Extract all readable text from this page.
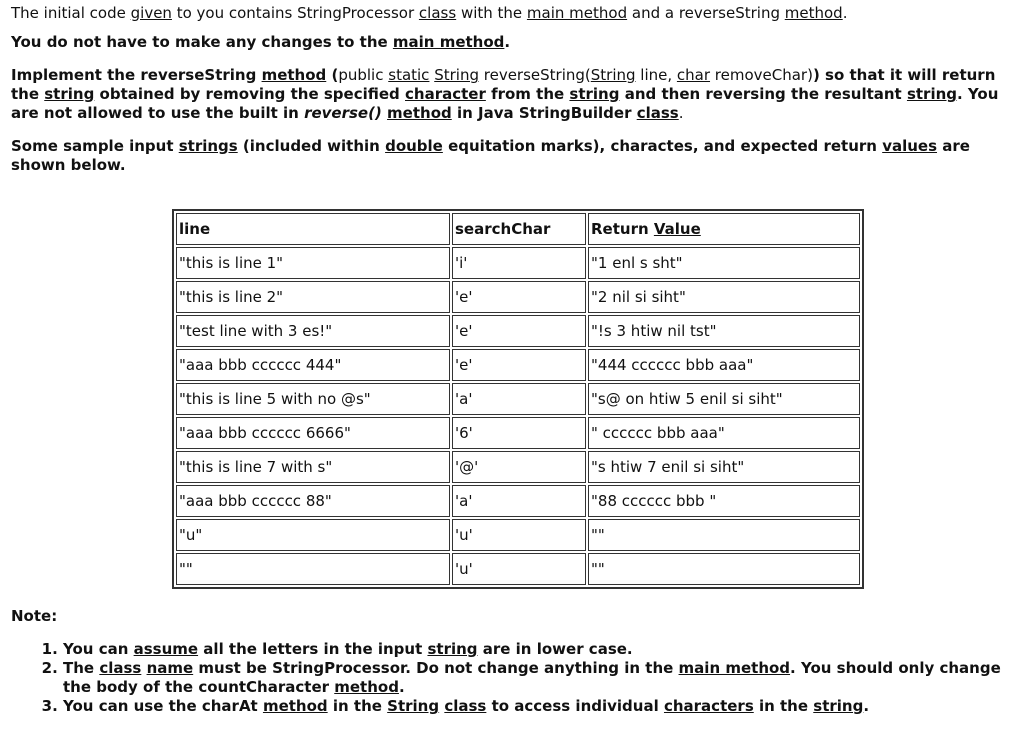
The initial code given to you contains StringProcessor class with the main method and a reverseString method.

You do not have to make any changes to the main method.

Implement the reverseString method (public static String reverseString(String line, char removeChar)) so that it will return the string obtained by removing the specified character from the string and then reversing the resultant string. You are not allowed to use the built in reverse() method in Java StringBuilder class.

Some sample input strings (included within double equitation marks), charactes, and expected return values are shown below.

line	searchChar	Return Value
"this is line 1"	'i'	"1 enl s sht"
"this is line 2"	'e'	"2 nil si siht"
"test line with 3 es!"	'e'	"!s 3 htiw nil tst"
"aaa bbb cccccc 444"	'e'	"444 cccccc bbb aaa"
"this is line 5 with no @s"	'a'	"s@ on htiw 5 enil si siht"
"aaa bbb cccccc 6666"	'6'	" cccccc bbb aaa"
"this is line 7 with s"	'@'	"s htiw 7 enil si siht"
"aaa bbb cccccc 88"	'a'	"88 cccccc bbb "
"u"	'u'	""
""	'u'	""

Note:

1. You can assume all the letters in the input string are in lower case.
2. The class name must be StringProcessor. Do not change anything in the main method. You should only change the body of the countCharacter method.
3. You can use the charAt method in the String class to access individual characters in the string.
